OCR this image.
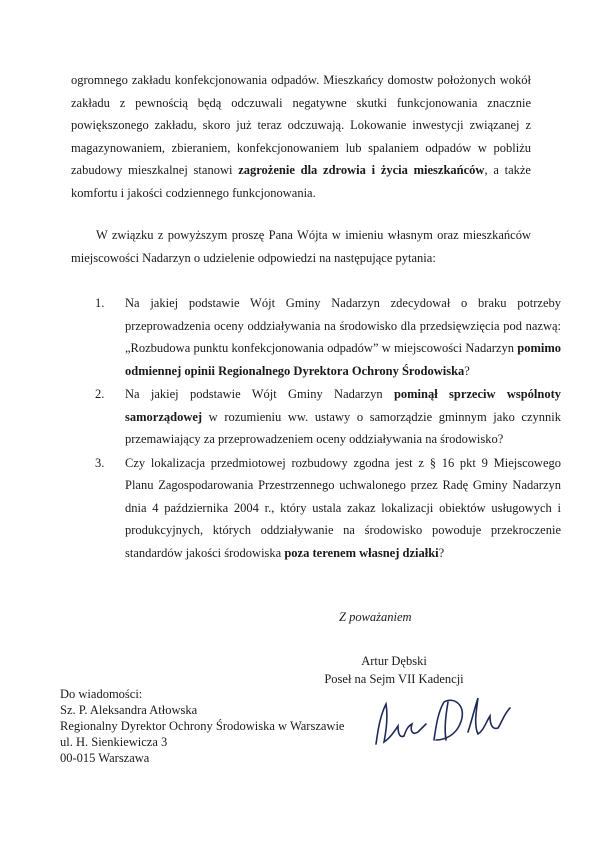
ogromnego zakładu konfekcjonowania odpadów. Mieszkańcy domostw położonych wokół zakładu z pewnością będą odczuwali negatywne skutki funkcjonowania znacznie powiększonego zakładu, skoro już teraz odczuwają. Lokowanie inwestycji związanej z magazynowaniem, zbieraniem, konfekcjonowaniem lub spalaniem odpadów w pobliżu zabudowy mieszkalnej stanowi zagrożenie dla zdrowia i życia mieszkańców, a także komfortu i jakości codziennego funkcjonowania.

W związku z powyższym proszę Pana Wójta w imieniu własnym oraz mieszkańców miejscowości Nadarzyn o udzielenie odpowiedzi na następujące pytania:

1. Na jakiej podstawie Wójt Gminy Nadarzyn zdecydował o braku potrzeby przeprowadzenia oceny oddziaływania na środowisko dla przedsięwzięcia pod nazwą: „Rozbudowa punktu konfekcjonowania odpadów” w miejscowości Nadarzyn pomimo odmiennej opinii Regionalnego Dyrektora Ochrony Środowiska?
2. Na jakiej podstawie Wójt Gminy Nadarzyn pominął sprzeciw wspólnoty samorządowej w rozumieniu ww. ustawy o samorządzie gminnym jako czynnik przemawiający za przeprowadzeniem oceny oddziaływania na środowisko?
3. Czy lokalizacja przedmiotowej rozbudowy zgodna jest z § 16 pkt 9 Miejscowego Planu Zagospodarowania Przestrzennego uchwalonego przez Radę Gminy Nadarzyn dnia 4 października 2004 r., który ustala zakaz lokalizacji obiektów usługowych i produkcyjnych, których oddziaływanie na środowisko powoduje przekroczenie standardów jakości środowiska poza terenem własnej działki?

Z poważaniem

Artur Dębski
Poseł na Sejm VII Kadencji

Do wiadomości:
Sz. P. Aleksandra Atłowska
Regionalny Dyrektor Ochrony Środowiska w Warszawie
ul. H. Sienkiewicza 3
00-015 Warszawa
